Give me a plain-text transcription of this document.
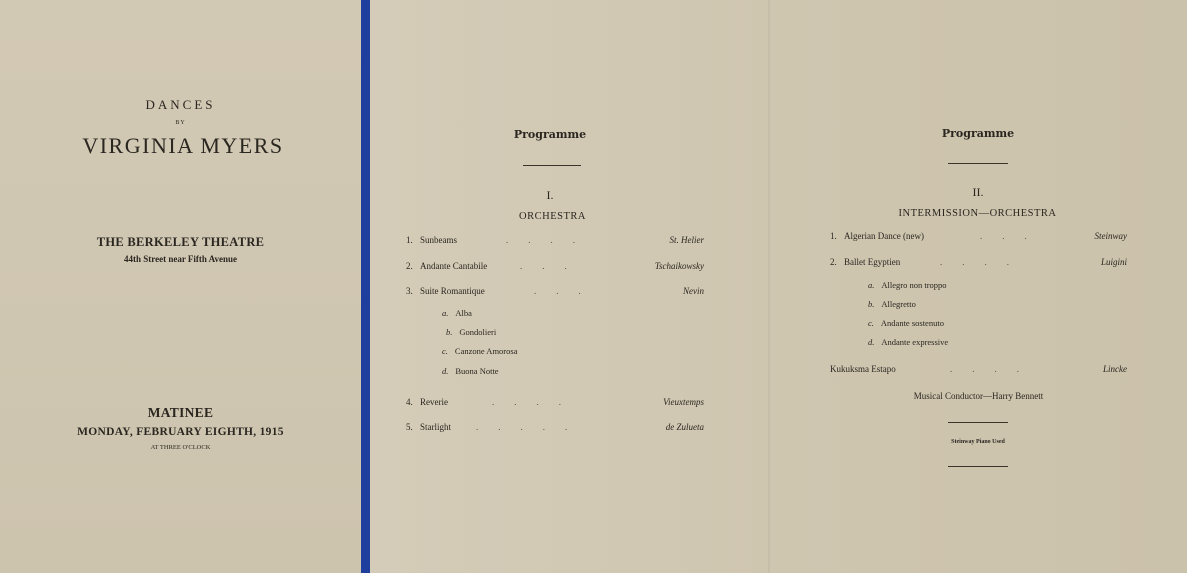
DANCES
BY
VIRGINIA MYERS
THE BERKELEY THEATRE
44th Street near Fifth Avenue
MATINEE
MONDAY, FEBRUARY EIGHTH, 1915
AT THREE O'CLOCK
Programme
I.
ORCHESTRA
1. Sunbeams	....	St. Helier
2. Andante Cantabile	...	Tschaikowsky
3. Suite Romantique	...	Nevin
a. Alba
b. Gondolieri
c. Canzone Amorosa
d. Buona Notte
4. Reverie	....	Vieuxtemps
5. Starlight	.....	de Zulueta
Programme
II.
INTERMISSION—ORCHESTRA
1. Algerian Dance (new)	...	Steinway
2. Ballet Egyptien	....	Luigini
a. Allegro non troppo
b. Allegretto
c. Andante sostenuto
d. Andante expressive
Kukuksma Estapo	....	Lincke
Musical Conductor—Harry Bennett
Steinway Piano Used
